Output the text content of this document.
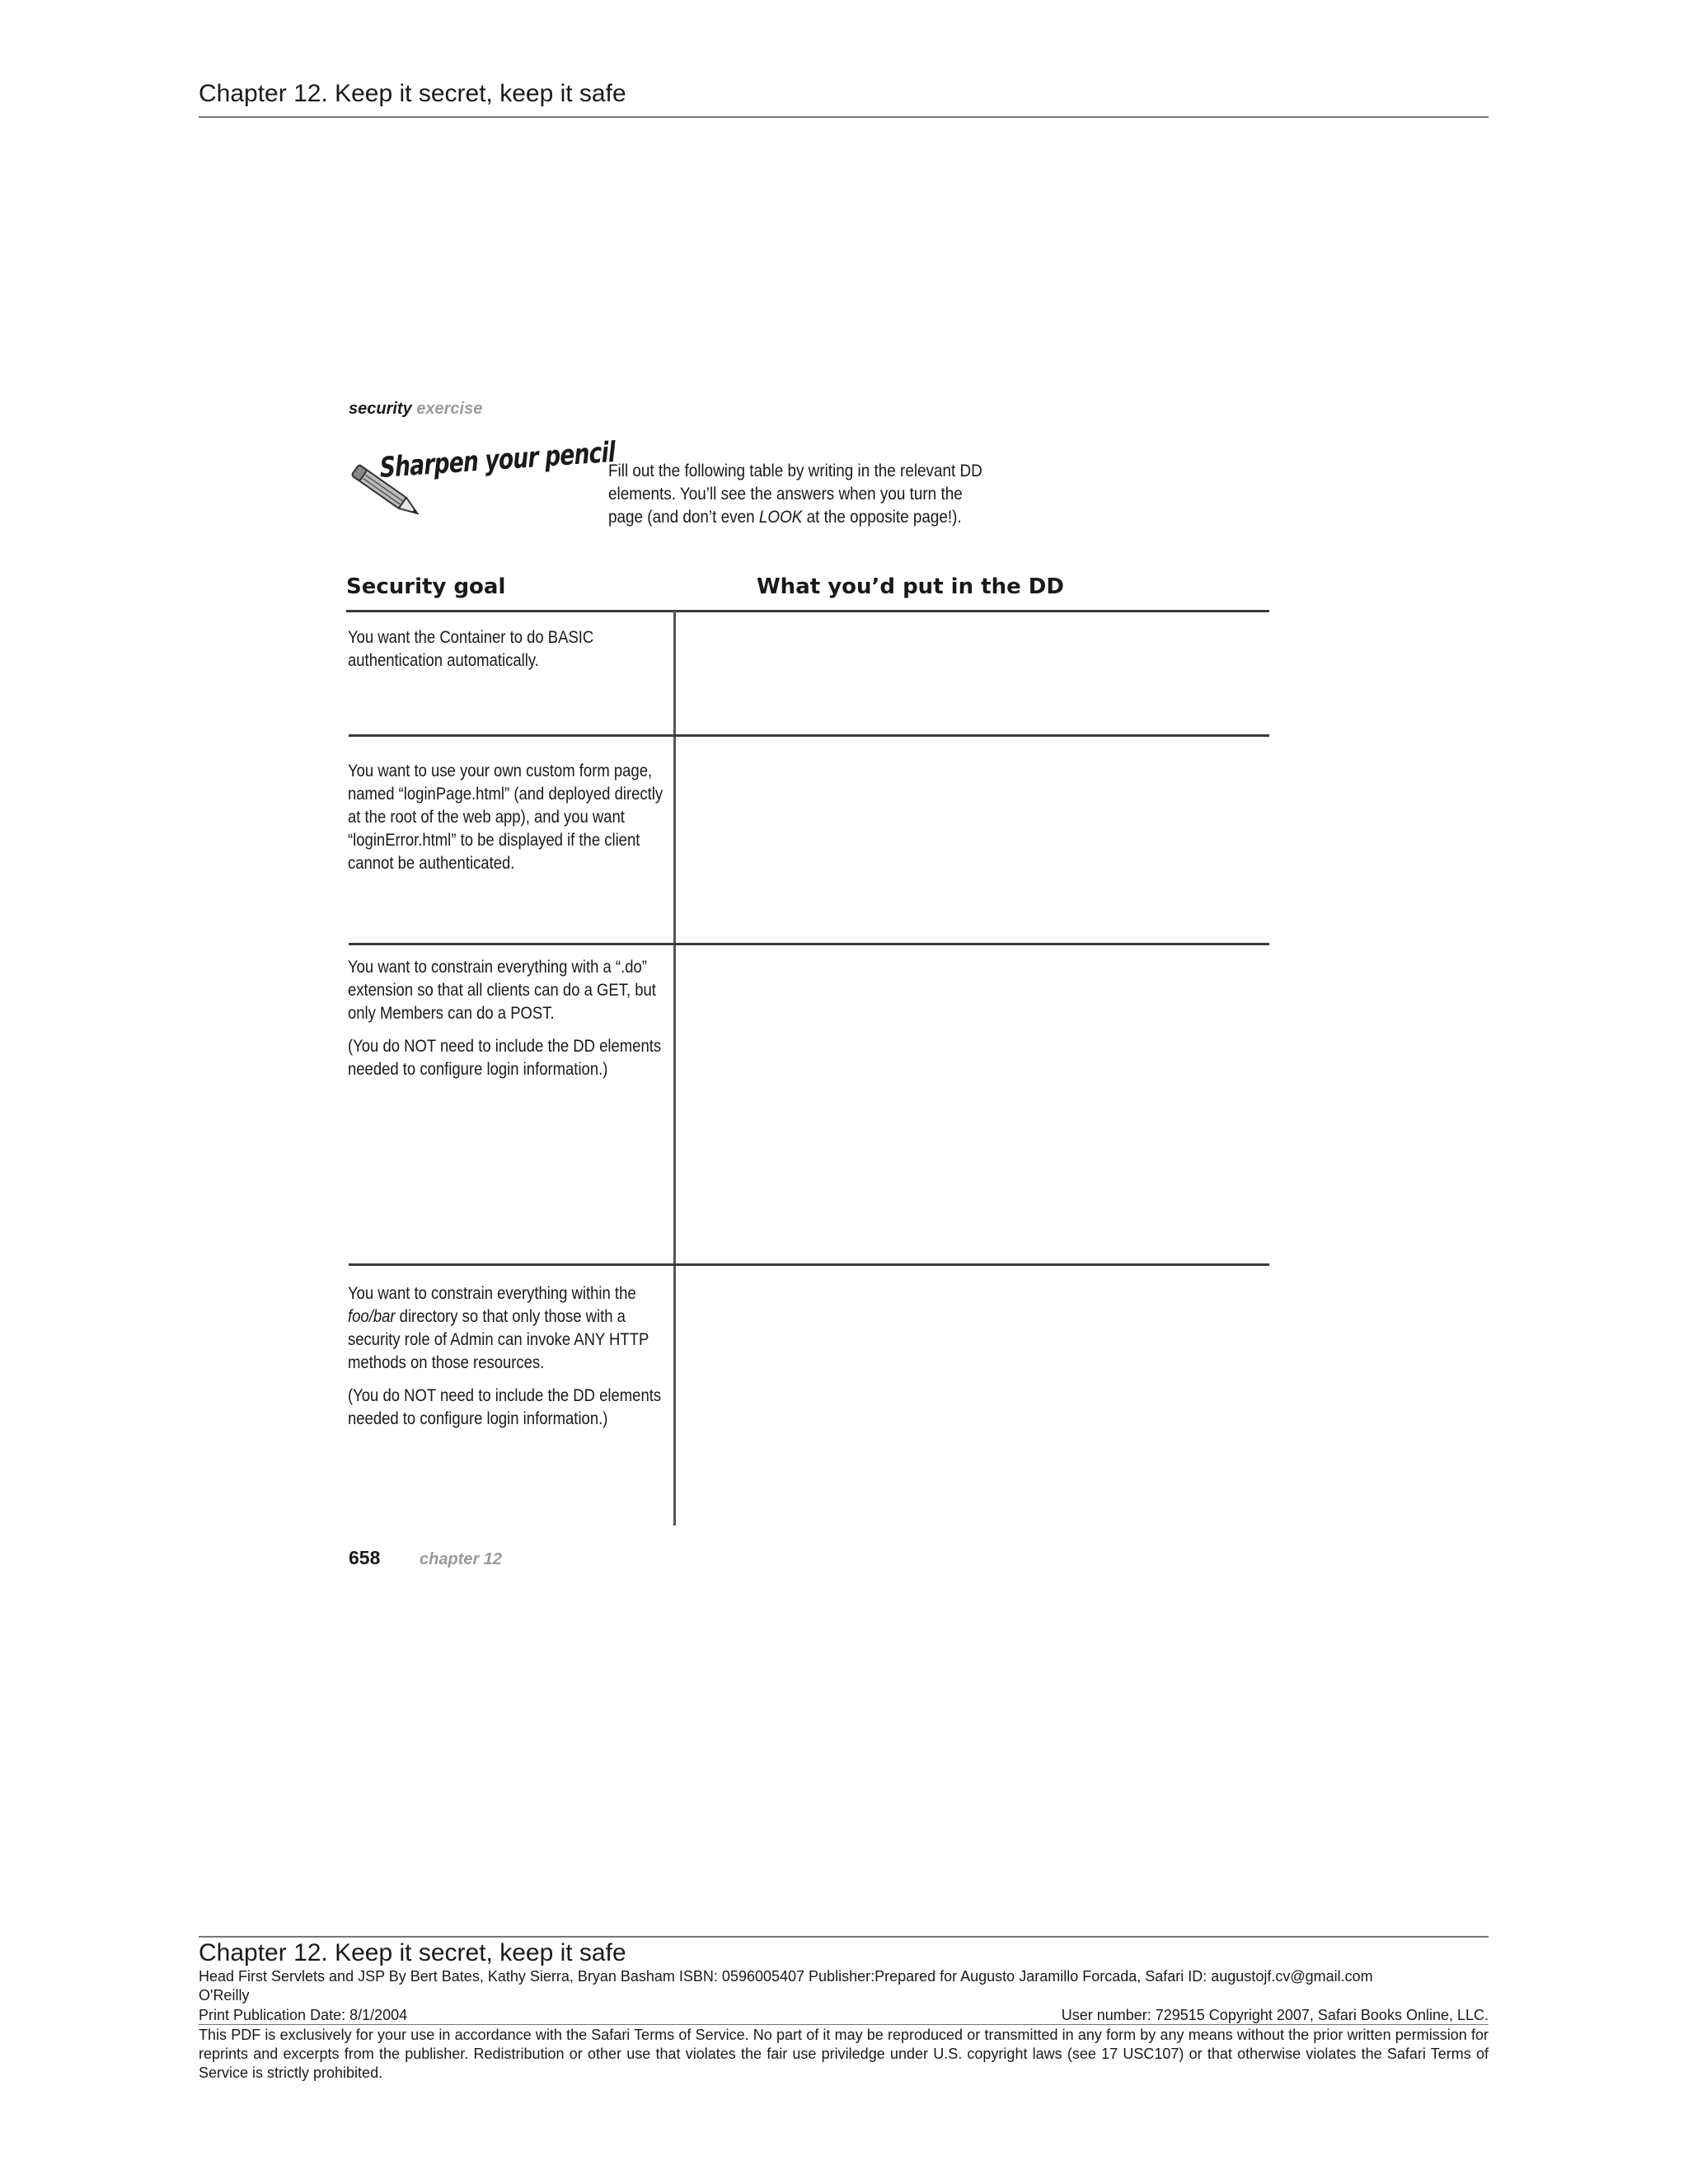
Chapter 12. Keep it secret, keep it safe
security exercise
Sharpen your pencil
Fill out the following table by writing in the relevant DD elements. You’ll see the answers when you turn the page (and don’t even LOOK at the opposite page!).
Security goal	What you’d put in the DD

You want the Container to do BASIC authentication automatically.

You want to use your own custom form page, named “loginPage.html” (and deployed directly at the root of the web app), and you want “loginError.html” to be displayed if the client cannot be authenticated.

You want to constrain everything with a “.do” extension so that all clients can do a GET, but only Members can do a POST.

(You do NOT need to include the DD elements needed to configure login information.)

You want to constrain everything within the foo/bar directory so that only those with a security role of Admin can invoke ANY HTTP methods on those resources.

(You do NOT need to include the DD elements needed to configure login information.)

658 chapter 12
Chapter 12. Keep it secret, keep it safe
Head First Servlets and JSP By Bert Bates, Kathy Sierra, Bryan Basham ISBN: 0596005407 Publisher:Prepared for Augusto Jaramillo Forcada, Safari ID: augustojf.cv@gmail.com
O'Reilly
Print Publication Date: 8/1/2004	User number: 729515 Copyright 2007, Safari Books Online, LLC.
This PDF is exclusively for your use in accordance with the Safari Terms of Service. No part of it may be reproduced or transmitted in any form by any means without the prior written permission for reprints and excerpts from the publisher. Redistribution or other use that violates the fair use priviledge under U.S. copyright laws (see 17 USC107) or that otherwise violates the Safari Terms of Service is strictly prohibited.
